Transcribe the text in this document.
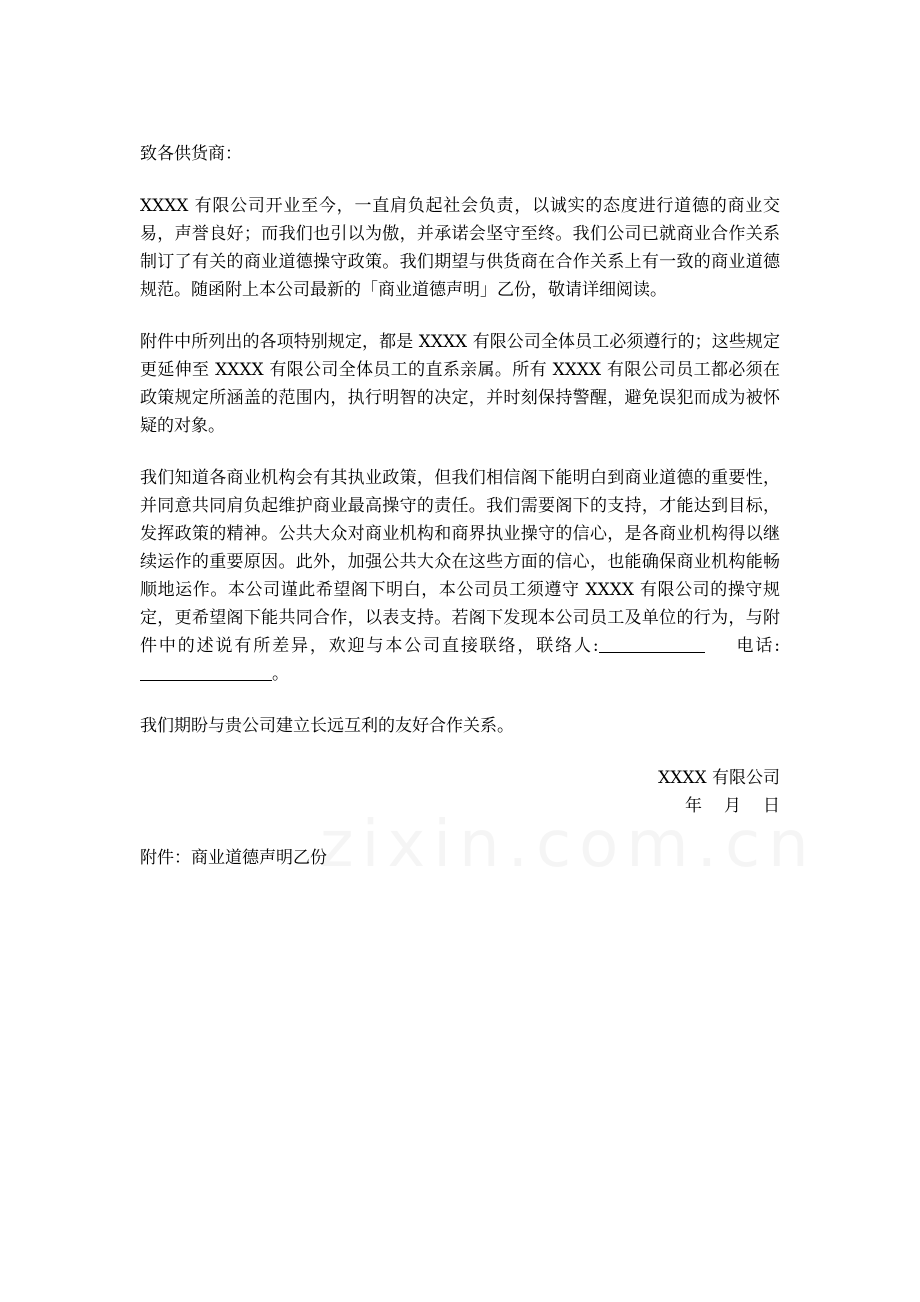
致各供货商：

XXXX 有限公司开业至今，一直肩负起社会负责，以诚实的态度进行道德的商业交易，声誉良好；而我们也引以为傲，并承诺会坚守至终。我们公司已就商业合作关系制订了有关的商业道德操守政策。我们期望与供货商在合作关系上有一致的商业道德规范。随函附上本公司最新的「商业道德声明」乙份，敬请详细阅读。

附件中所列出的各项特别规定，都是 XXXX 有限公司全体员工必须遵行的；这些规定更延伸至 XXXX 有限公司全体员工的直系亲属。所有 XXXX 有限公司员工都必须在政策规定所涵盖的范围内，执行明智的决定，并时刻保持警醒，避免误犯而成为被怀疑的对象。

我们知道各商业机构会有其执业政策，但我们相信阁下能明白到商业道德的重要性，并同意共同肩负起维护商业最高操守的责任。我们需要阁下的支持，才能达到目标，发挥政策的精神。公共大众对商业机构和商界执业操守的信心，是各商业机构得以继续运作的重要原因。此外，加强公共大众在这些方面的信心，也能确保商业机构能畅顺地运作。本公司谨此希望阁下明白，本公司员工须遵守 XXXX 有限公司的操守规定，更希望阁下能共同合作，以表支持。若阁下发现本公司员工及单位的行为，与附件中的述说有所差异，欢迎与本公司直接联络，联络人:	电话:。

我们期盼与贵公司建立长远互利的友好合作关系。

XXXX 有限公司
年 月 日

附件：商业道德声明乙份
